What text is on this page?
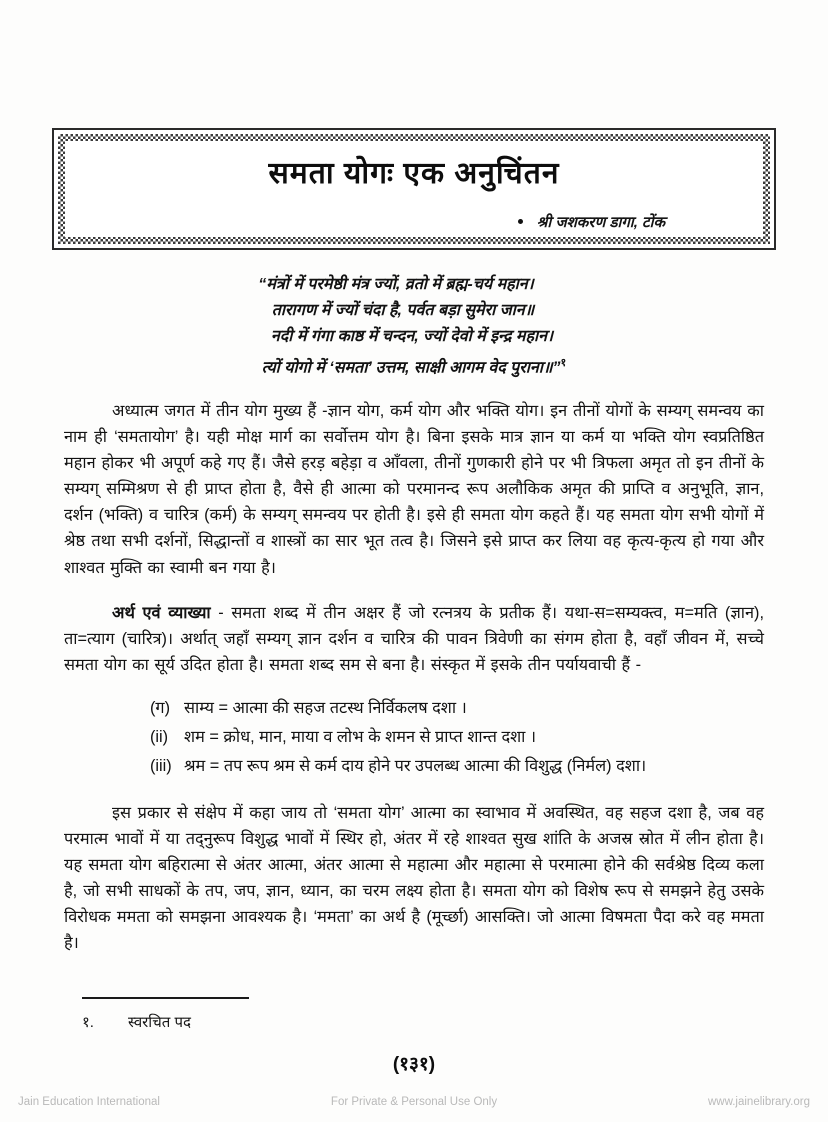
समता योगः एक अनुचिंतन
श्री जशकरण डागा, टोंक
“मंत्रों में परमेष्ठी मंत्र ज्यों, व्रतो में ब्रह्म-चर्य महान।
तारागण में ज्यों चंदा है, पर्वत बड़ा सुमेरा जान॥
नदी में गंगा काष्ठ में चन्दन, ज्यों देवो में इन्द्र महान।
त्यों योगो में ‘समता’ उत्तम, साक्षी आगम वेद पुराना॥”$^१$

अध्यात्म जगत में तीन योग मुख्य हैं -ज्ञान योग, कर्म योग और भक्ति योग। इन तीनों योगों के सम्यग् समन्वय का नाम ही ‘समतायोग’ है। यही मोक्ष मार्ग का सर्वोत्तम योग है। बिना इसके मात्र ज्ञान या कर्म या भक्ति योग स्वप्रतिष्ठित महान होकर भी अपूर्ण कहे गए हैं। जैसे हरड़ बहेड़ा व ऑंवला, तीनों गुणकारी होने पर भी त्रिफला अमृत तो इन तीनों के सम्यग् सम्मिश्रण से ही प्राप्त होता है, वैसे ही आत्मा को परमानन्द रूप अलौकिक अमृत की प्राप्ति व अनुभूति, ज्ञान, दर्शन (भक्ति) व चारित्र (कर्म) के सम्यग् समन्वय पर होती है। इसे ही समता योग कहते हैं। यह समता योग सभी योगों में श्रेष्ठ तथा सभी दर्शनों, सिद्धान्तों व शास्त्रों का सार भूत तत्व है। जिसने इसे प्राप्त कर लिया वह कृत्य-कृत्य हो गया और शाश्वत मुक्ति का स्वामी बन गया है।

अर्थ एवं व्याख्या - समता शब्द में तीन अक्षर हैं जो रत्नत्रय के प्रतीक हैं। यथा-स=सम्यक्त्व, म=मति (ज्ञान), ता=त्याग (चारित्र)। अर्थात् जहाँ सम्यग् ज्ञान दर्शन व चारित्र की पावन त्रिवेणी का संगम होता है, वहाँ जीवन में, सच्चे समता योग का सूर्य उदित होता है। समता शब्द सम से बना है। संस्कृत में इसके तीन पर्यायवाची हैं -

(ग) साम्य = आत्मा की सहज तटस्थ निर्विकलष दशा ।
(ii) शम = क्रोध, मान, माया व लोभ के शमन से प्राप्त शान्त दशा ।
(iii) श्रम = तप रूप श्रम से कर्म दाय होने पर उपलब्ध आत्मा की विशुद्ध (निर्मल) दशा।

इस प्रकार से संक्षेप में कहा जाय तो ‘समता योग’ आत्मा का स्वाभाव में अवस्थित, वह सहज दशा है, जब वह परमात्म भावों में या तद्नुरूप विशुद्ध भावों में स्थिर हो, अंतर में रहे शाश्वत सुख शांति के अजस्र स्रोत में लीन होता है। यह समता योग बहिरात्मा से अंतर आत्मा, अंतर आत्मा से महात्मा और महात्मा से परमात्मा होने की सर्वश्रेष्ठ दिव्य कला है, जो सभी साधकों के तप, जप, ज्ञान, ध्यान, का चरम लक्ष्य होता है। समता योग को विशेष रूप से समझने हेतु उसके विरोधक ममता को समझना आवश्यक है। ‘ममता’ का अर्थ है (मूर्च्छा) आसक्ति। जो आत्मा विषमता पैदा करे वह ममता है।

१. स्वरचित पद
(१३१)
Jain Education International	For Private & Personal Use Only	www.jainelibrary.org
